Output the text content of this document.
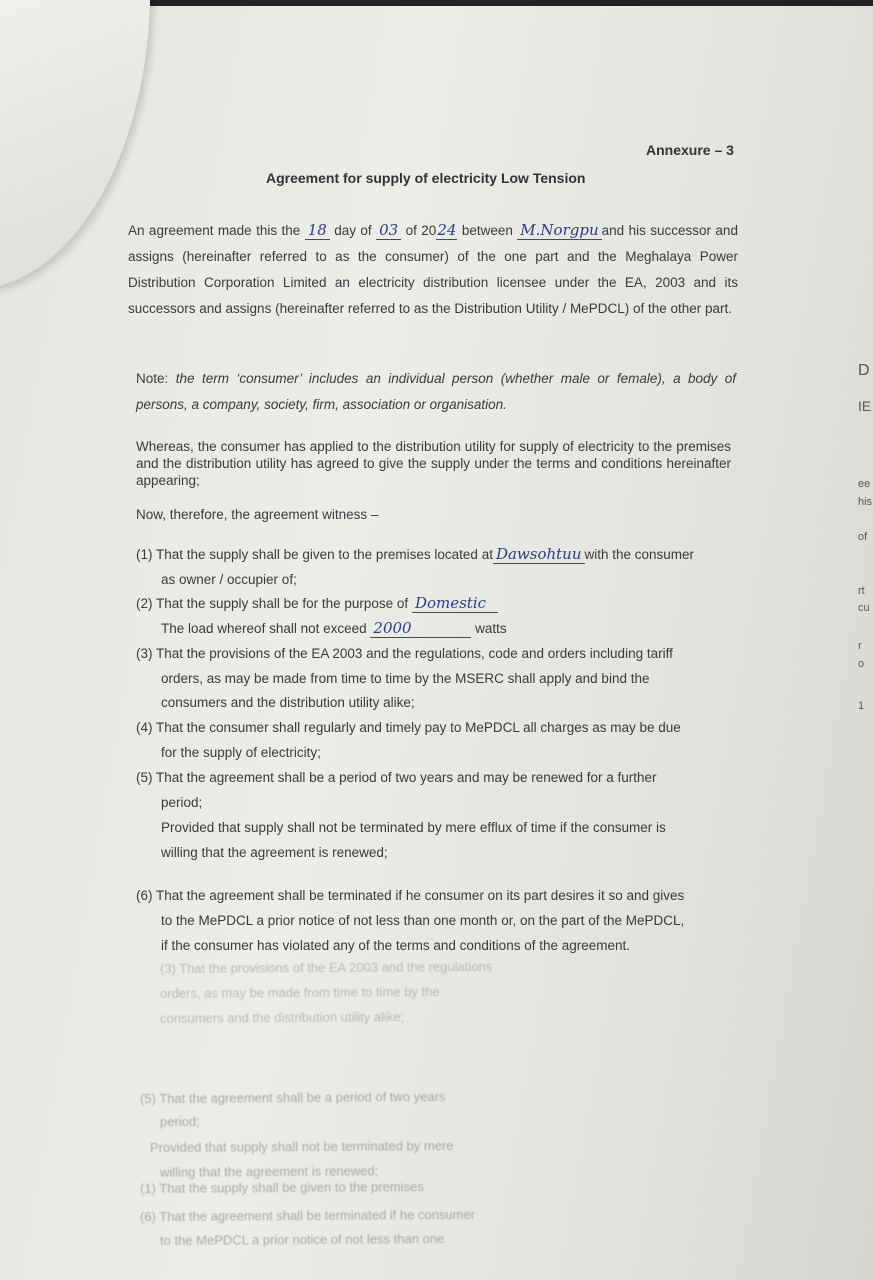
(3) That the provisions of the EA 2003 and the regulations
orders, as may be made from time to time by the
consumers and the distribution utility alike;
(5) That the agreement shall be a period of two years
period;
Provided that supply shall not be terminated by mere
willing that the agreement is renewed;
(1) That the supply shall be given to the premises
(6) That the agreement shall be terminated if he consumer
to the MePDCL a prior notice of not less than one
D
IE
ee
his
of
rt
cu
r
o
1
Annexure – 3
Agreement for supply of electricity Low Tension
An agreement made this the 18 day of 03 of 2024 between M.Norgpu and his successor and assigns (hereinafter referred to as the consumer) of the one part and the Meghalaya Power Distribution Corporation Limited an electricity distribution licensee under the EA, 2003 and its successors and assigns (hereinafter referred to as the Distribution Utility / MePDCL) of the other part.
Note: the term ‘consumer’ includes an individual person (whether male or female), a body of persons, a company, society, firm, association or organisation.
Whereas, the consumer has applied to the distribution utility for supply of electricity to the premises and the distribution utility has agreed to give the supply under the terms and conditions hereinafter appearing;
Now, therefore, the agreement witness –
(1) That the supply shall be given to the premises located at Dawsohtuu with the consumer
as owner / occupier of;
(2) That the supply shall be for the purpose of Domestic
The load whereof shall not exceed 2000	watts
(3) That the provisions of the EA 2003 and the regulations, code and orders including tariff
orders, as may be made from time to time by the MSERC shall apply and bind the
consumers and the distribution utility alike;
(4) That the consumer shall regularly and timely pay to MePDCL all charges as may be due
for the supply of electricity;
(5) That the agreement shall be a period of two years and may be renewed for a further
period;
Provided that supply shall not be terminated by mere efflux of time if the consumer is
willing that the agreement is renewed;
(6) That the agreement shall be terminated if he consumer on its part desires it so and gives
to the MePDCL a prior notice of not less than one month or, on the part of the MePDCL,
if the consumer has violated any of the terms and conditions of the agreement.
